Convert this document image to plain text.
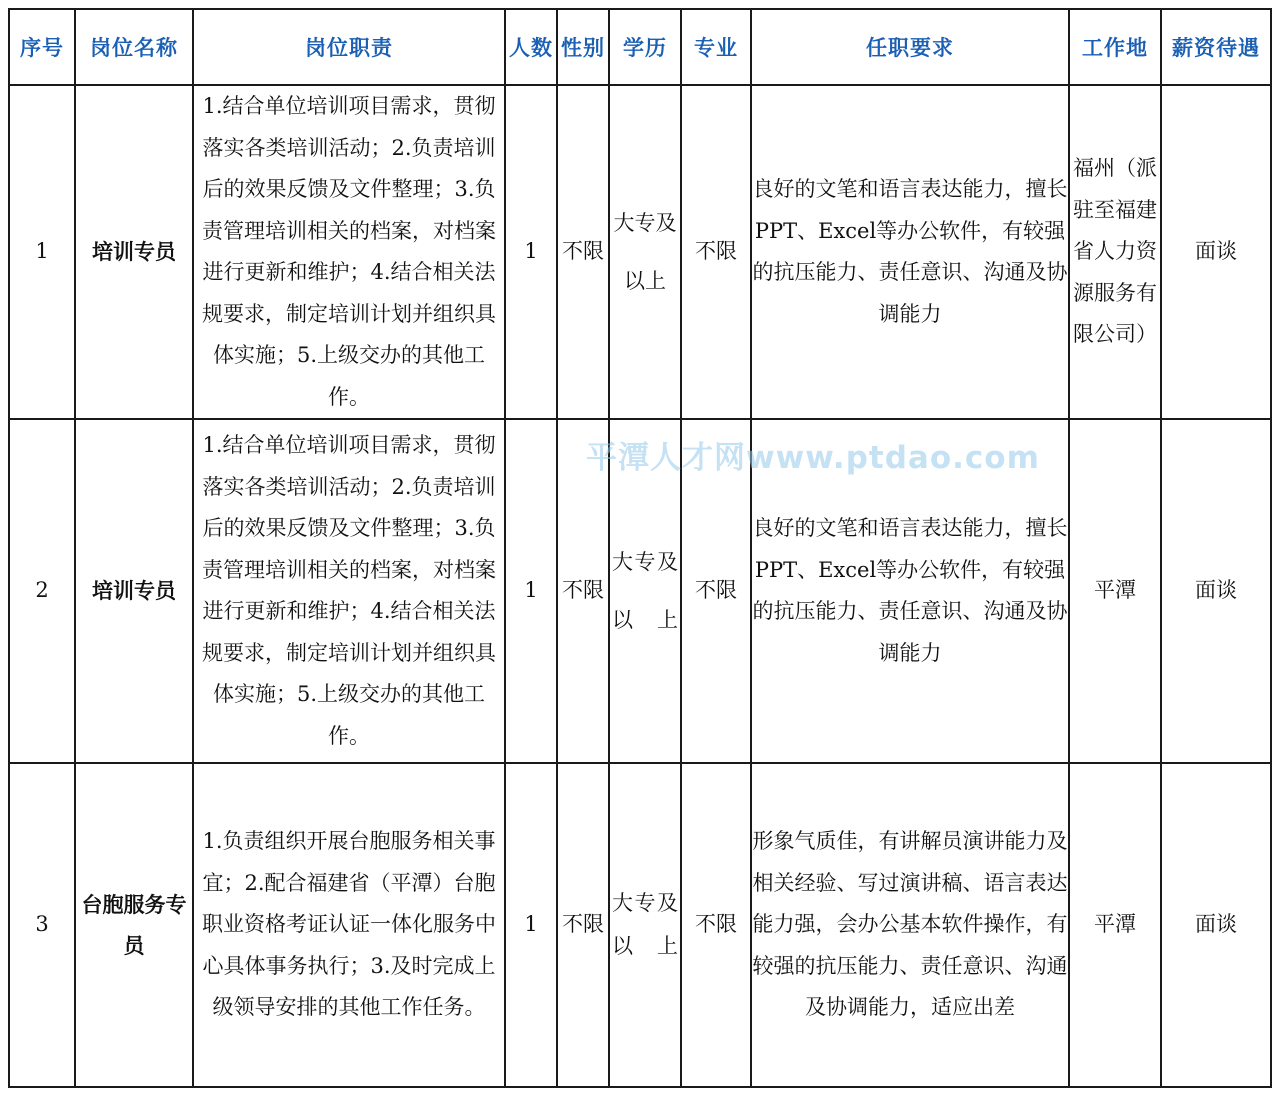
序号	岗位名称	岗位职责	人数	性别	学历	专业	任职要求	工作地	薪资待遇
1	培训专员	1.结合单位培训项目需求，贯彻落实各类培训活动；2.负责培训后的效果反馈及文件整理；3.负责管理培训相关的档案，对档案进行更新和维护；4.结合相关法规要求，制定培训计划并组织具体实施；5.上级交办的其他工作。	1	不限	大专及以上	不限	良好的文笔和语言表达能力，擅长PPT、Excel等办公软件，有较强的抗压能力、责任意识、沟通及协调能力	福州（派驻至福建省人力资源服务有限公司）	面谈
2	培训专员	1.结合单位培训项目需求，贯彻落实各类培训活动；2.负责培训后的效果反馈及文件整理；3.负责管理培训相关的档案，对档案进行更新和维护；4.结合相关法规要求，制定培训计划并组织具体实施；5.上级交办的其他工作。	1	不限	大专及以上	不限	良好的文笔和语言表达能力，擅长PPT、Excel等办公软件，有较强的抗压能力、责任意识、沟通及协调能力	平潭	面谈
3	台胞服务专员	1.负责组织开展台胞服务相关事宜；2.配合福建省（平潭）台胞职业资格考证认证一体化服务中心具体事务执行；3.及时完成上级领导安排的其他工作任务。	1	不限	大专及以上	不限	形象气质佳，有讲解员演讲能力及相关经验、写过演讲稿、语言表达能力强，会办公基本软件操作，有较强的抗压能力、责任意识、沟通及协调能力，适应出差	平潭	面谈
平潭人才网www.ptdao.com
